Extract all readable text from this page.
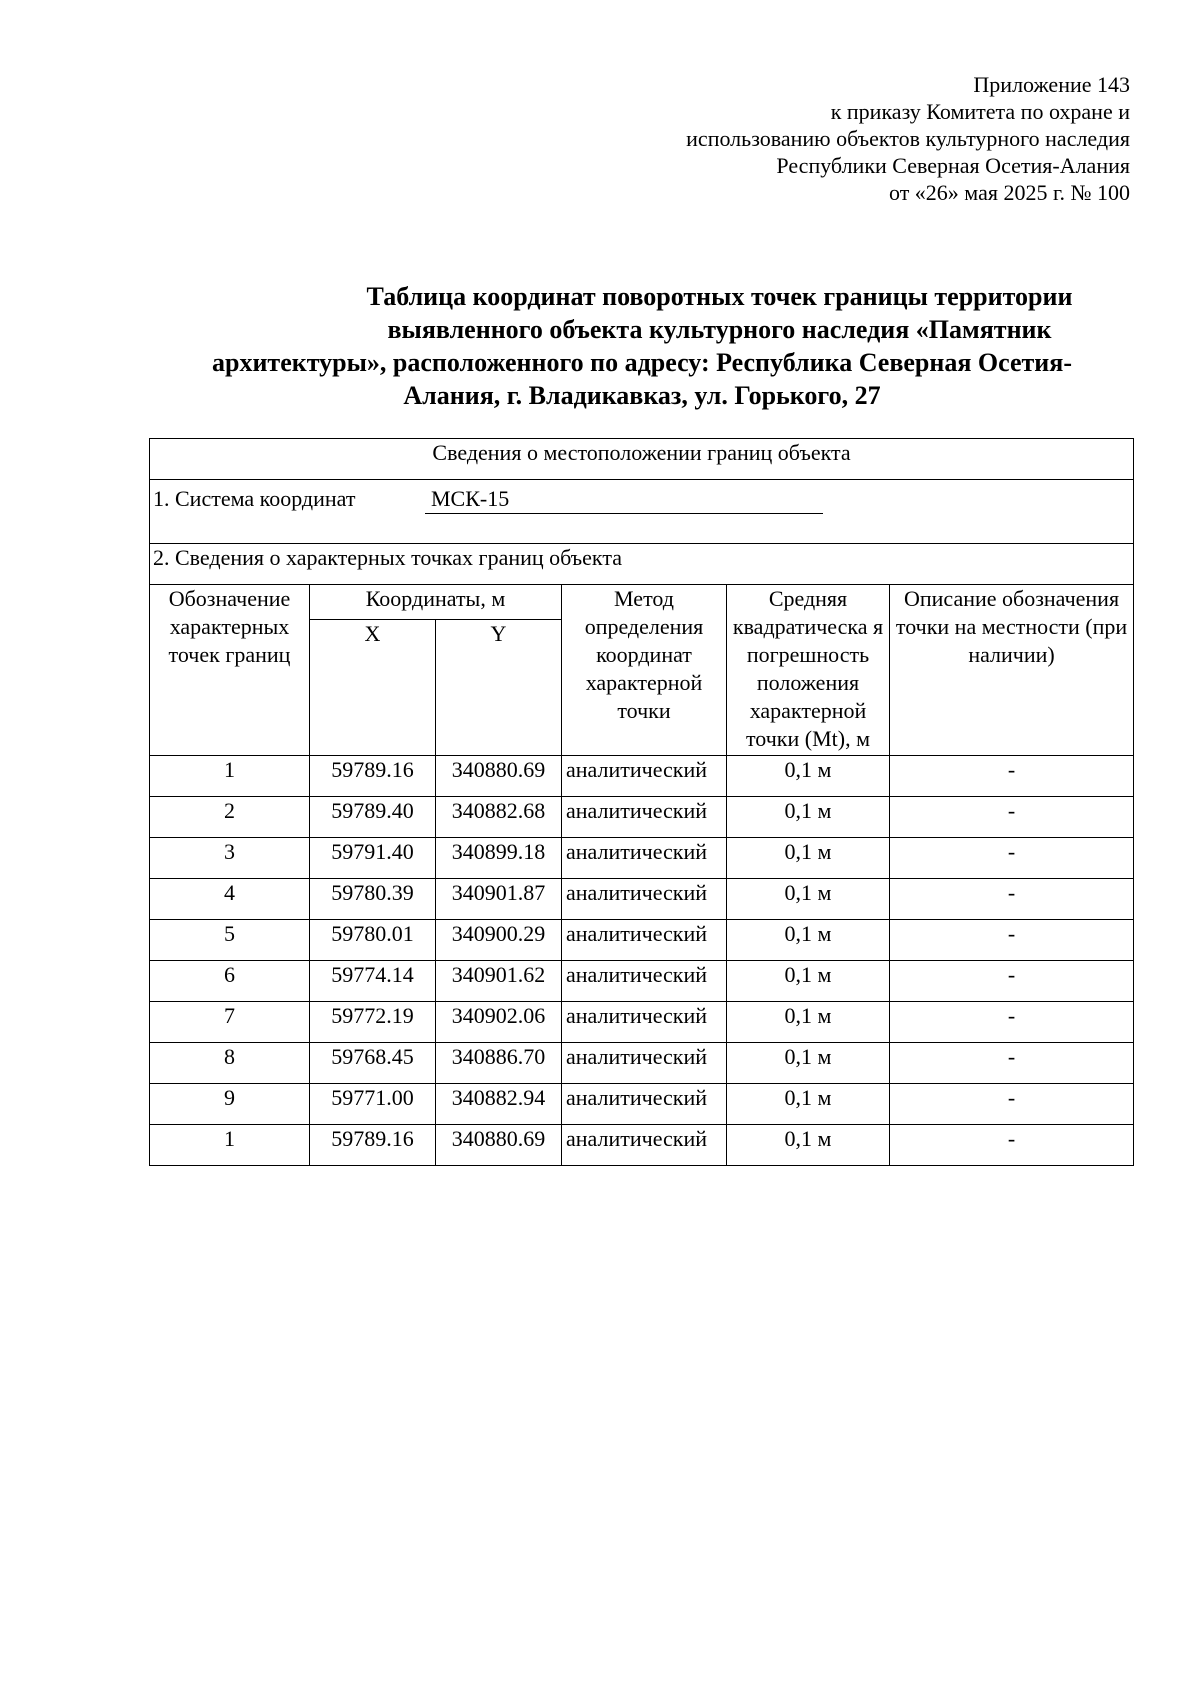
Приложение 143
к приказу Комитета по охране и
использованию объектов культурного наследия
Республики Северная Осетия-Алания
от «26» мая 2025 г. № 100
Таблица координат поворотных точек границы территории
выявленного объекта культурного наследия «Памятник
архитектуры», расположенного по адресу: Республика Северная Осетия-
Алания, г. Владикавказ, ул. Горького, 27
Сведения о местоположении границ объекта					
1. Система координат МСК-15					
2. Сведения о характерных точках границ объекта					
Обозначение характерных точек границ	Координаты, м		Метод определения координат характерной точки	Средняя квадратическа я погрешность положения характерной точки (Mt), м	Описание обозначения точки на местности (при наличии)
	X	Y			
1	59789.16	340880.69	аналитический	0,1 м	-
2	59789.40	340882.68	аналитический	0,1 м	-
3	59791.40	340899.18	аналитический	0,1 м	-
4	59780.39	340901.87	аналитический	0,1 м	-
5	59780.01	340900.29	аналитический	0,1 м	-
6	59774.14	340901.62	аналитический	0,1 м	-
7	59772.19	340902.06	аналитический	0,1 м	-
8	59768.45	340886.70	аналитический	0,1 м	-
9	59771.00	340882.94	аналитический	0,1 м	-
1	59789.16	340880.69	аналитический	0,1 м	-
